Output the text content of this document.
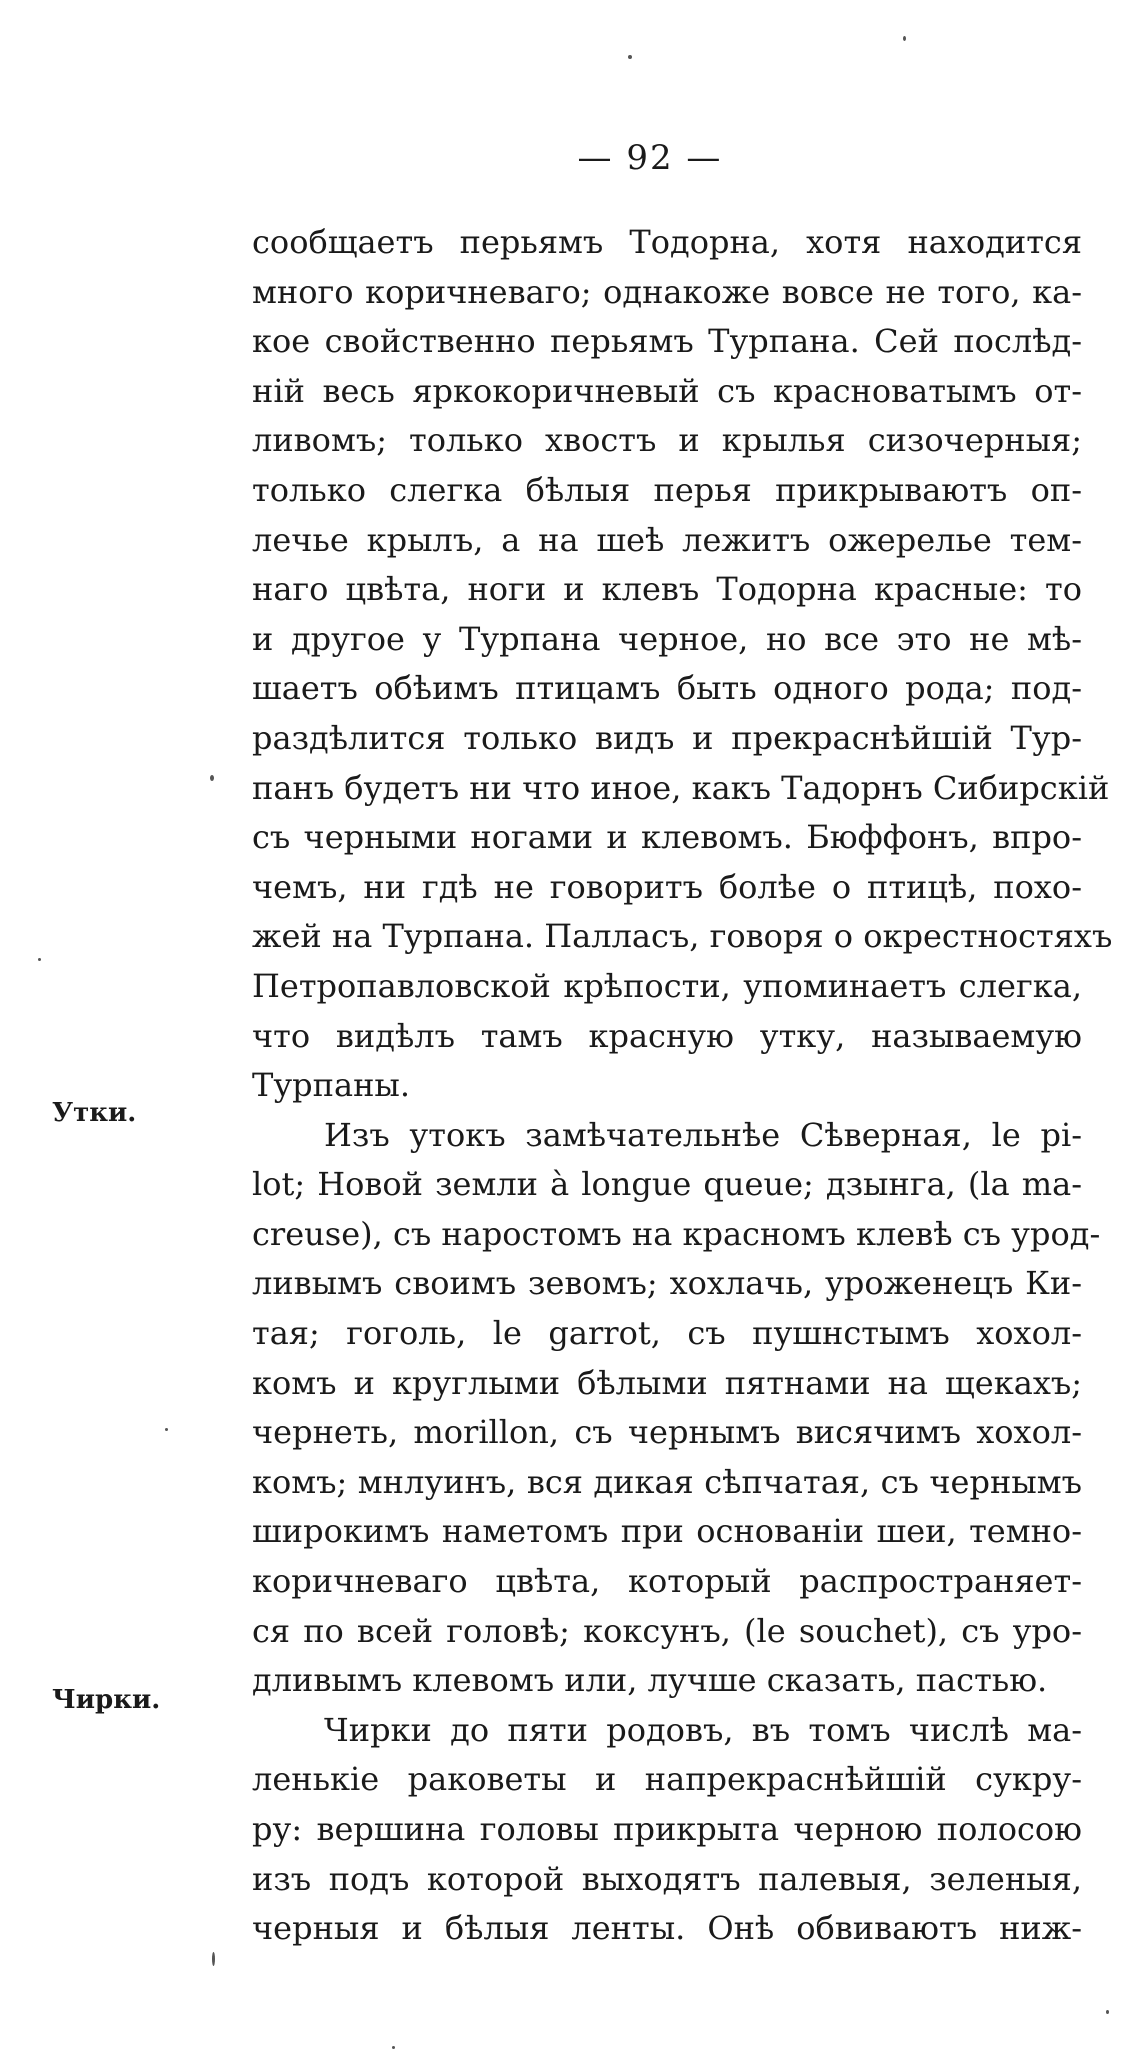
— 92 —
сообщаетъ перьямъ Тодорна, хотя находится
много коричневаго; однакоже вовсе не того, ка-
кое свойственно перьямъ Турпана. Сей послѣд-
ній весь яркокоричневый съ красноватымъ от-
ливомъ; только хвостъ и крылья сизочерныя;
только слегка бѣлыя перья прикрываютъ оп-
лечье крылъ, а на шеѣ лежитъ ожерелье тем-
наго цвѣта, ноги и клевъ Тодорна красные: то
и другое у Турпана черное, но все это не мѣ-
шаетъ обѣимъ птицамъ быть одного рода; под-
раздѣлится только видъ и прекраснѣйшій Тур-
панъ будетъ ни что иное, какъ Тадорнъ Сибирскій
съ черными ногами и клевомъ. Бюффонъ, впро-
чемъ, ни гдѣ не говоритъ болѣе о птицѣ, похо-
жей на Турпана. Палласъ, говоря о окрестностяхъ
Петропавловской крѣпости, упоминаетъ слегка,
что видѣлъ тамъ красную утку, называемую
Турпаны.
Изъ утокъ замѣчательнѣе Сѣверная, le pi-
lot; Новой земли à longue queue; дзынга, (la ma-
creuse), съ наростомъ на красномъ клевѣ съ урод-
ливымъ своимъ зевомъ; хохлачь, уроженецъ Ки-
тая; гоголь, le garrot, съ пушнстымъ хохол-
комъ и круглыми бѣлыми пятнами на щекахъ;
чернеть, morillon, съ чернымъ висячимъ хохол-
комъ; мнлуинъ, вся дикая сѣпчатая, съ чернымъ
широкимъ наметомъ при основаніи шеи, темно-
коричневаго цвѣта, который распространяет-
ся по всей головѣ; коксунъ, (le souchet), съ уро-
дливымъ клевомъ или, лучше сказать, пастью.
Чирки до пяти родовъ, въ томъ числѣ ма-
ленькіе раковеты и напрекраснѣйшій сукру-
ру: вершина головы прикрыта черною полосою
изъ подъ которой выходятъ палевыя, зеленыя,
черныя и бѣлыя ленты. Онѣ обвиваютъ ниж-
Утки.
Чирки.
